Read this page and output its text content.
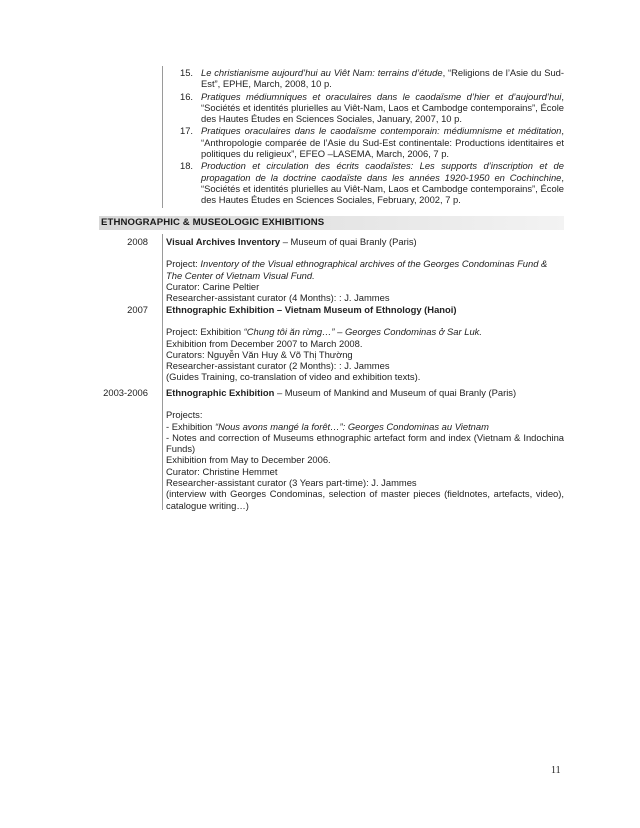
15. Le christianisme aujourd’hui au Viêt Nam: terrains d’étude, “Religions de l’Asie du Sud-Est”, EPHE, March, 2008, 10 p.
16. Pratiques médiumniques et oraculaires dans le caodaïsme d’hier et d’aujourd’hui, “Sociétés et identités plurielles au Viêt-Nam, Laos et Cambodge contemporains”, École des Hautes Études en Sciences Sociales, January, 2007, 10 p.
17. Pratiques oraculaires dans le caodaïsme contemporain: médiumnisme et méditation, “Anthropologie comparée de l’Asie du Sud-Est continentale: Productions identitaires et politiques du religieux”, EFEO –LASEMA, March, 2006, 7 p.
18. Production et circulation des écrits caodaïstes: Les supports d’inscription et de propagation de la doctrine caodaïste dans les années 1920-1950 en Cochinchine, “Sociétés et identités plurielles au Viêt-Nam, Laos et Cambodge contemporains”, École des Hautes Études en Sciences Sociales, February, 2002, 7 p.
ETHNOGRAPHIC & MUSEOLOGIC EXHIBITIONS
2008 Visual Archives Inventory – Museum of quai Branly (Paris)

Project: Inventory of the Visual ethnographical archives of the Georges Condominas Fund & The Center of Vietnam Visual Fund.

Curator: Carine Peltier

Researcher-assistant curator (4 Months): : J. Jammes

2007 Ethnographic Exhibition – Vietnam Museum of Ethnology (Hanoi)

Project: Exhibition “Chung tôi ăn rừng…” – Georges Condominas ở Sar Luk.

Exhibition from December 2007 to March 2008.

Curators: Nguyễn Văn Huy & Võ Thị Thường

Researcher-assistant curator (2 Months): : J. Jammes

(Guides Training, co-translation of video and exhibition texts).

2003-2006 Ethnographic Exhibition – Museum of Mankind and Museum of quai Branly (Paris)

Projects:

- Exhibition “Nous avons mangé la forêt…”: Georges Condominas au Vietnam

- Notes and correction of Museums ethnographic artefact form and index (Vietnam & Indochina Funds)

Exhibition from May to December 2006.

Curator: Christine Hemmet

Researcher-assistant curator (3 Years part-time): J. Jammes

(interview with Georges Condominas, selection of master pieces (fieldnotes, artefacts, video), catalogue writing…)

11
